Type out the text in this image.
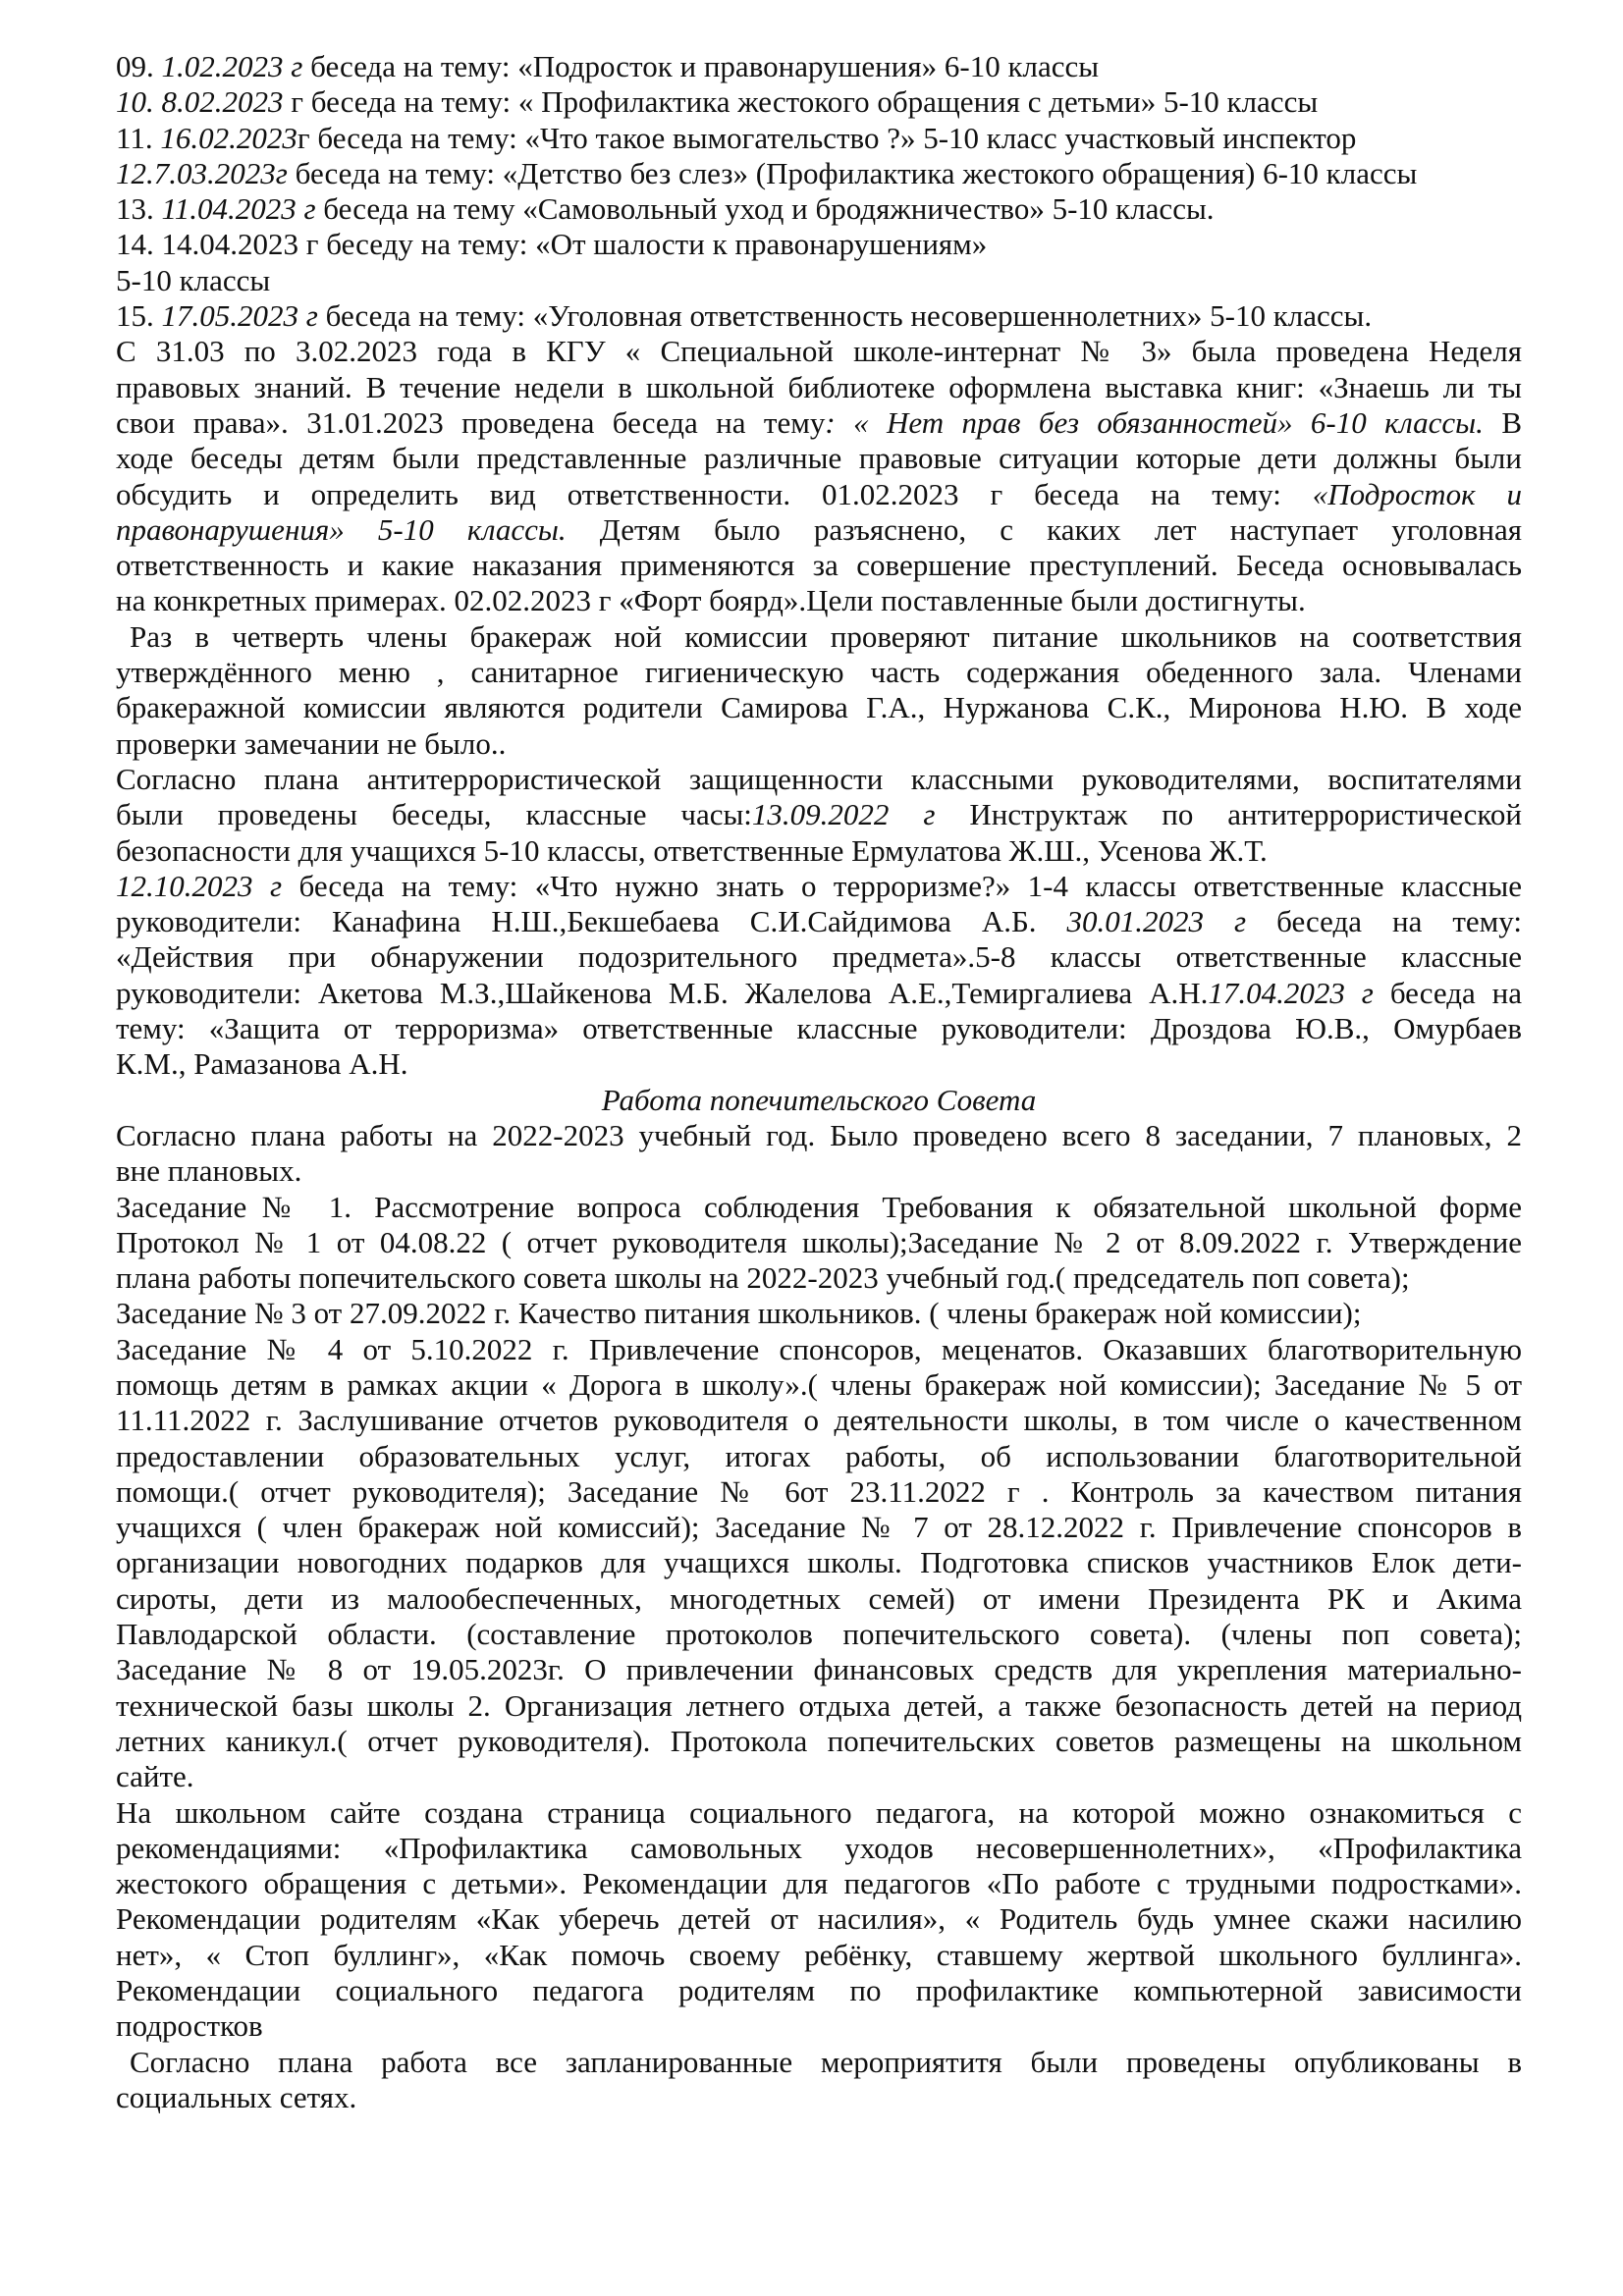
09. 1.02.2023 г беседа на тему: «Подросток и правонарушения» 6-10 классы
10. 8.02.2023 г беседа на тему: « Профилактика жестокого обращения с детьми» 5-10 классы
11. 16.02.2023г беседа на тему: «Что такое вымогательство ?» 5-10 класс участковый инспектор
12.7.03.2023г беседа на тему: «Детство без слез» (Профилактика жестокого обращения) 6-10 классы
13. 11.04.2023 г беседа на тему «Самовольный уход и бродяжничество» 5-10 классы.
14. 14.04.2023 г беседу на тему: «От шалости к правонарушениям»
5-10 классы
15. 17.05.2023 г беседа на тему: «Уголовная ответственность несовершеннолетних» 5-10 классы.
С 31.03 по 3.02.2023 года в КГУ « Специальной школе-интернат № 3» была проведена Неделя
правовых знаний. В течение недели в школьной библиотеке оформлена выставка книг: «Знаешь ли ты
свои права». 31.01.2023 проведена беседа на тему: « Нет прав без обязанностей» 6-10 классы. В
ходе беседы детям были представленные различные правовые ситуации которые дети должны были
обсудить и определить вид ответственности. 01.02.2023 г беседа на тему: «Подросток и
правонарушения» 5-10 классы. Детям было разъяснено, с каких лет наступает уголовная
ответственность и какие наказания применяются за совершение преступлений. Беседа основывалась
на конкретных примерах. 02.02.2023 г «Форт боярд».Цели поставленные были достигнуты.
Раз в четверть члены бракераж ной комиссии проверяют питание школьников на соответствия
утверждённого меню , санитарное гигиеническую часть содержания обеденного зала. Членами
бракеражной комиссии являются родители Самирова Г.А., Нуржанова С.К., Миронова Н.Ю. В ходе
проверки замечании не было..
Согласно плана антитеррористической защищенности классными руководителями, воспитателями
были проведены беседы, классные часы:13.09.2022 г Инструктаж по антитеррористической
безопасности для учащихся 5-10 классы, ответственные Ермулатова Ж.Ш., Усенова Ж.Т.
12.10.2023 г беседа на тему: «Что нужно знать о терроризме?» 1-4 классы ответственные классные
руководители: Канафина Н.Ш.,Бекшебаева С.И.Сайдимова А.Б. 30.01.2023 г беседа на тему:
«Действия при обнаружении подозрительного предмета».5-8 классы ответственные классные
руководители: Акетова М.З.,Шайкенова М.Б. Жалелова А.Е.,Темиргалиева А.Н.17.04.2023 г беседа на
тему: «Защита от терроризма» ответственные классные руководители: Дроздова Ю.В., Омурбаев
К.М., Рамазанова А.Н.
Работа попечительского Совета
Согласно плана работы на 2022-2023 учебный год. Было проведено всего 8 заседании, 7 плановых, 2
вне плановых.
Заседание№ 1. Рассмотрение вопроса соблюдения Требования к обязательной школьной форме
Протокол № 1 от 04.08.22 ( отчет руководителя школы);Заседание № 2 от 8.09.2022 г. Утверждение
плана работы попечительского совета школы на 2022-2023 учебный год.( председатель поп совета);
Заседание № 3 от 27.09.2022 г. Качество питания школьников. ( члены бракераж ной комиссии);
Заседание № 4 от 5.10.2022 г. Привлечение спонсоров, меценатов. Оказавших благотворительную
помощь детям в рамках акции « Дорога в школу».( члены бракераж ной комиссии); Заседание № 5 от
11.11.2022 г. Заслушивание отчетов руководителя о деятельности школы, в том числе о качественном
предоставлении образовательных услуг, итогах работы, об использовании благотворительной
помощи.( отчет руководителя); Заседание № 6от 23.11.2022 г . Контроль за качеством питания
учащихся ( член бракераж ной комиссий); Заседание № 7 от 28.12.2022 г. Привлечение спонсоров в
организации новогодних подарков для учащихся школы. Подготовка списков участников Елок дети-
сироты, дети из малообеспеченных, многодетных семей) от имени Президента РК и Акима
Павлодарской области. (составление протоколов попечительского совета). (члены поп совета);
Заседание № 8 от 19.05.2023г. О привлечении финансовых средств для укрепления материально-
технической базы школы 2. Организация летнего отдыха детей, а также безопасность детей на период
летних каникул.( отчет руководителя). Протокола попечительских советов размещены на школьном
сайте.
На школьном сайте создана страница социального педагога, на которой можно ознакомиться с
рекомендациями: «Профилактика самовольных уходов несовершеннолетних», «Профилактика
жестокого обращения с детьми». Рекомендации для педагогов «По работе с трудными подростками».
Рекомендации родителям «Как уберечь детей от насилия», « Родитель будь умнее скажи насилию
нет», « Стоп буллинг», «Как помочь своему ребёнку, ставшему жертвой школьного буллинга».
Рекомендации социального педагога родителям по профилактике компьютерной зависимости
подростков
Согласно плана работа все запланированные мероприятитя были проведены опубликованы в
социальных сетях.
